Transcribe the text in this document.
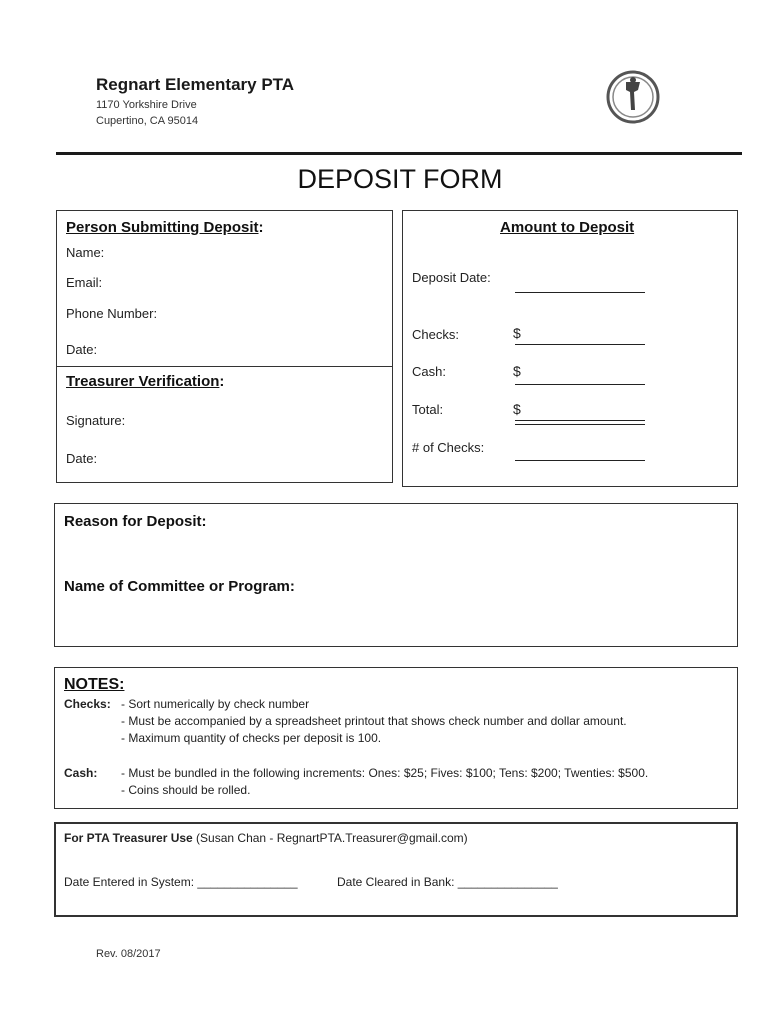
Regnart Elementary PTA
1170 Yorkshire Drive
Cupertino, CA 95014
DEPOSIT FORM
Person Submitting Deposit:
Name:
Email:
Phone Number:
Date:
Treasurer Verification:
Signature:
Date:
Amount to Deposit
Deposit Date:
Checks:	$
Cash:	$
Total:	$
# of Checks:
Reason for Deposit:
Name of Committee or Program:
NOTES:
Checks: - Sort numerically by check number
- Must be accompanied by a spreadsheet printout that shows check number and dollar amount.
- Maximum quantity of checks per deposit is 100.
Cash: - Must be bundled in the following increments: Ones: $25; Fives: $100; Tens: $200; Twenties: $500.
- Coins should be rolled.
For PTA Treasurer Use (Susan Chan - RegnartPTA.Treasurer@gmail.com)
Date Entered in System: _______________	Date Cleared in Bank: _______________
Rev. 08/2017
